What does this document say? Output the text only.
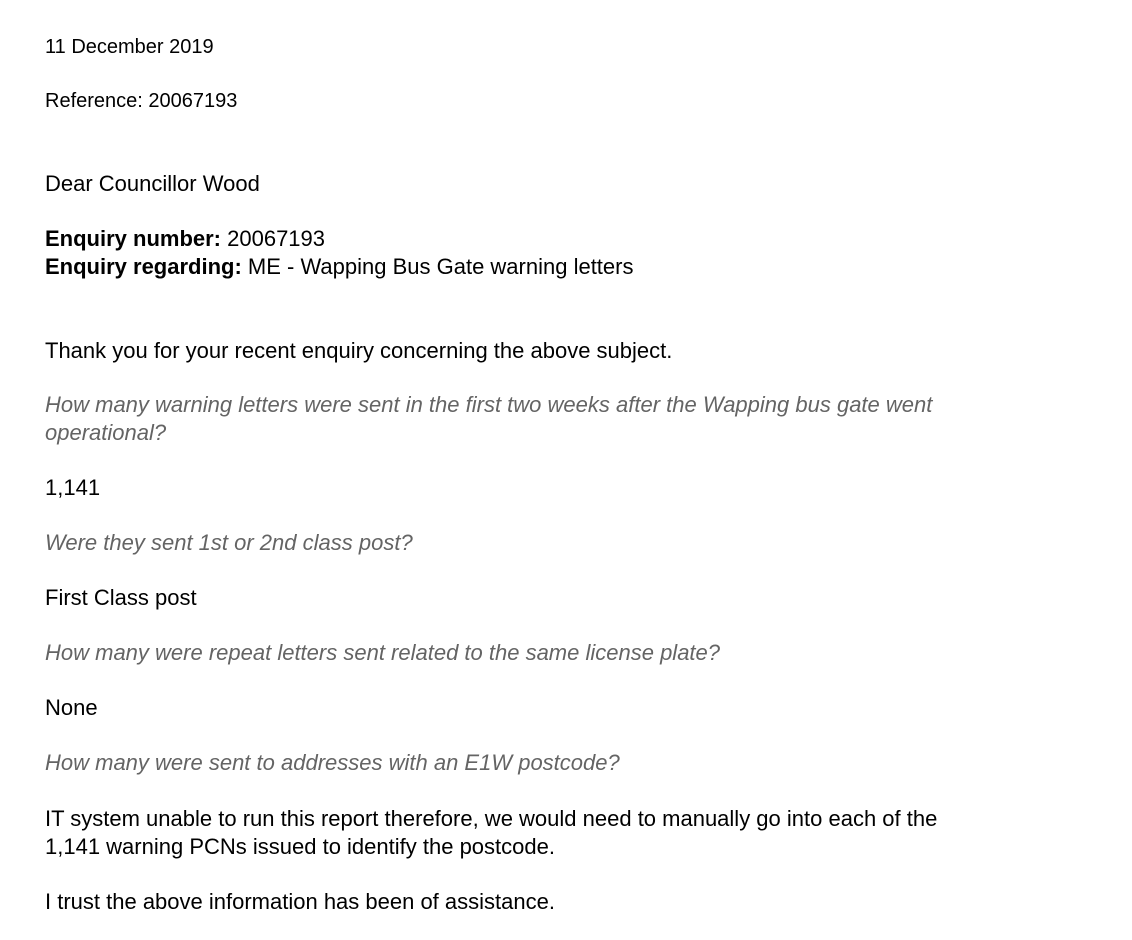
11 December 2019

Reference: 20067193

Dear Councillor Wood

Enquiry number: 20067193

Enquiry regarding: ME - Wapping Bus Gate warning letters

Thank you for your recent enquiry concerning the above subject.

How many warning letters were sent in the first two weeks after the Wapping bus gate went

operational?

1,141

Were they sent 1st or 2nd class post?

First Class post

How many were repeat letters sent related to the same license plate?

None

How many were sent to addresses with an E1W postcode?

IT system unable to run this report therefore, we would need to manually go into each of the

1,141 warning PCNs issued to identify the postcode.

I trust the above information has been of assistance.
